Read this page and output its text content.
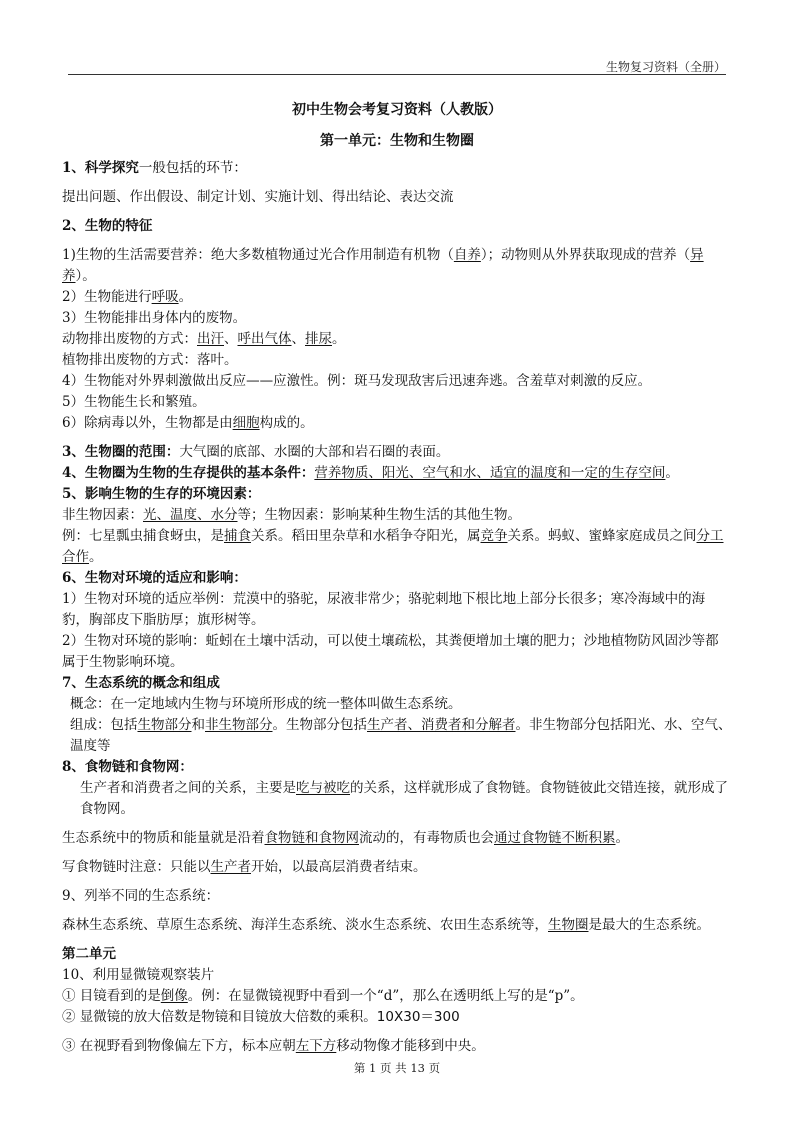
生物复习资料（全册）
初中生物会考复习资料（人教版）
第一单元：生物和生物圈

1、科学探究一般包括的环节：

提出问题、作出假设、制定计划、实施计划、得出结论、表达交流

2、生物的特征

1)生物的生活需要营养：绝大多数植物通过光合作用制造有机物（自养）；动物则从外界获取现成的营养（异养）。

2）生物能进行呼吸。

3）生物能排出身体内的废物。

动物排出废物的方式：出汗、呼出气体、排尿。

植物排出废物的方式：落叶。

4）生物能对外界刺激做出反应——应激性。例：斑马发现敌害后迅速奔逃。含羞草对刺激的反应。

5）生物能生长和繁殖。

6）除病毒以外，生物都是由细胞构成的。

3、生物圈的范围：大气圈的底部、水圈的大部和岩石圈的表面。

4、生物圈为生物的生存提供的基本条件：营养物质、阳光、空气和水、适宜的温度和一定的生存空间。

5、影响生物的生存的环境因素：

非生物因素：光、温度、水分等；生物因素：影响某种生物生活的其他生物。

例：七星瓢虫捕食蚜虫，是捕食关系。稻田里杂草和水稻争夺阳光，属竞争关系。蚂蚁、蜜蜂家庭成员之间分工合作。

6、生物对环境的适应和影响：

1）生物对环境的适应举例：荒漠中的骆驼，尿液非常少；骆驼刺地下根比地上部分长很多；寒冷海域中的海豹，胸部皮下脂肪厚；旗形树等。

2）生物对环境的影响：蚯蚓在土壤中活动，可以使土壤疏松，其粪便增加土壤的肥力；沙地植物防风固沙等都属于生物影响环境。

7、生态系统的概念和组成

概念：在一定地域内生物与环境所形成的统一整体叫做生态系统。

组成：包括生物部分和非生物部分。生物部分包括生产者、消费者和分解者。非生物部分包括阳光、水、空气、温度等

8、食物链和食物网：

生产者和消费者之间的关系，主要是吃与被吃的关系，这样就形成了食物链。食物链彼此交错连接，就形成了食物网。

生态系统中的物质和能量就是沿着食物链和食物网流动的，有毒物质也会通过食物链不断积累。

写食物链时注意：只能以生产者开始，以最高层消费者结束。

9、列举不同的生态系统：

森林生态系统、草原生态系统、海洋生态系统、淡水生态系统、农田生态系统等，生物圈是最大的生态系统。

第二单元

10、利用显微镜观察装片

① 目镜看到的是倒像。例：在显微镜视野中看到一个“d”，那么在透明纸上写的是“p”。

② 显微镜的放大倍数是物镜和目镜放大倍数的乘积。10X30＝300

③ 在视野看到物像偏左下方，标本应朝左下方移动物像才能移到中央。

第 1 页 共 13 页
